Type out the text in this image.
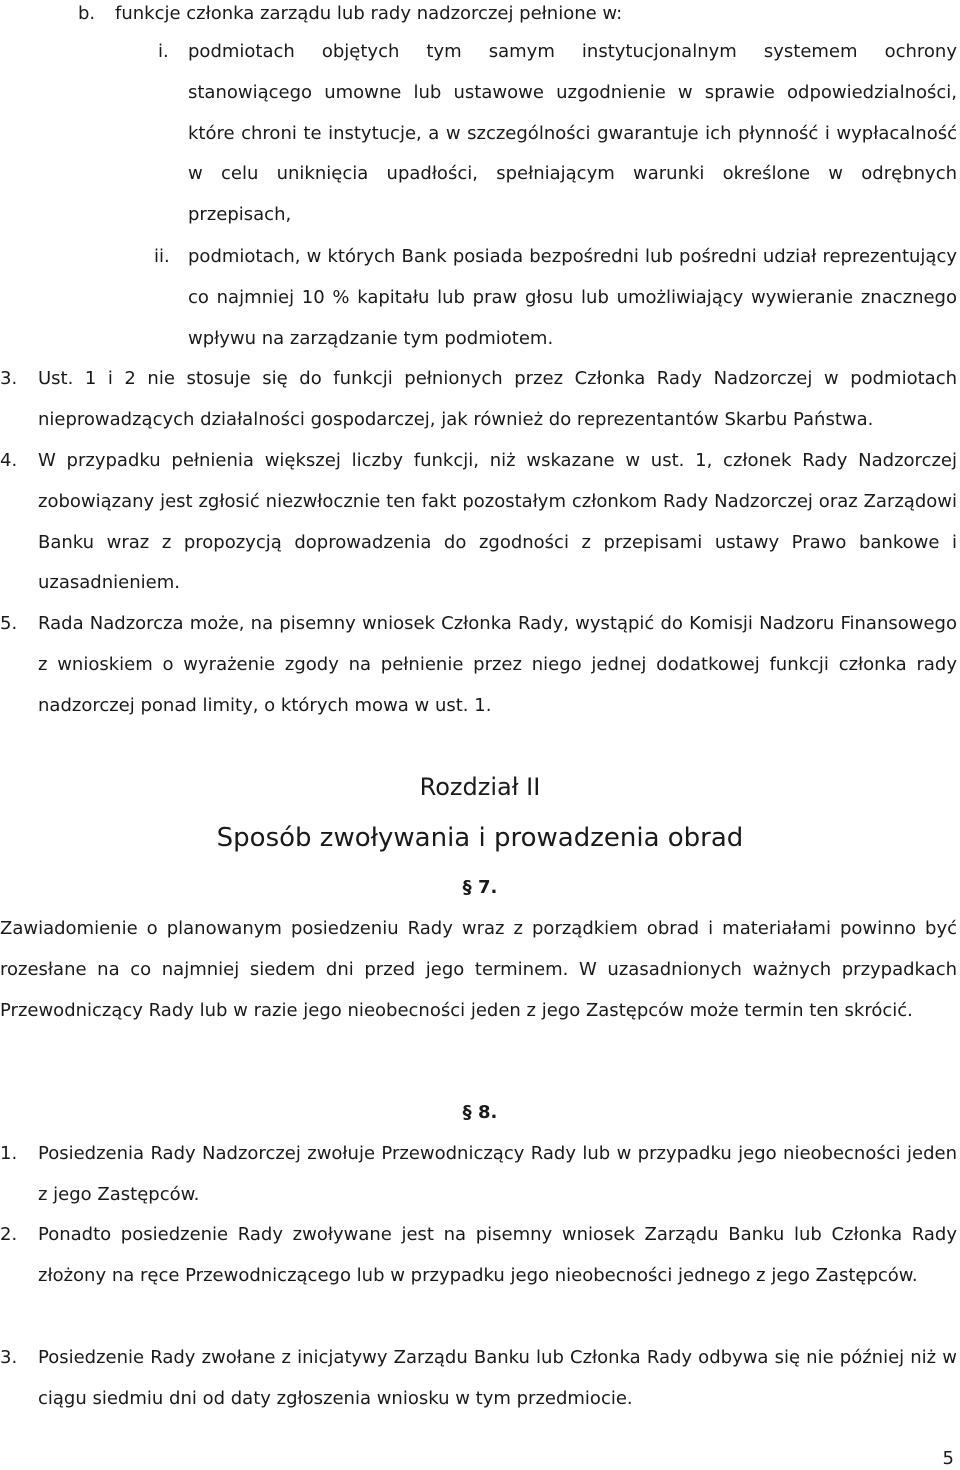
b.	funkcje członka zarządu lub rady nadzorczej pełnione w:
i.	podmiotach objętych tym samym instytucjonalnym systemem ochrony stanowiącego umowne lub ustawowe uzgodnienie w sprawie odpowiedzialności, które chroni te instytucje, a w szczególności gwarantuje ich płynność i wypłacalność w celu uniknięcia upadłości, spełniającym warunki określone w odrębnych przepisach,
ii.	podmiotach, w których Bank posiada bezpośredni lub pośredni udział reprezentujący co najmniej 10 % kapitału lub praw głosu lub umożliwiający wywieranie znacznego wpływu na zarządzanie tym podmiotem.
3.	Ust. 1 i 2 nie stosuje się do funkcji pełnionych przez Członka Rady Nadzorczej w podmiotach nieprowadzących działalności gospodarczej, jak również do reprezentantów Skarbu Państwa.
4.	W przypadku pełnienia większej liczby funkcji, niż wskazane w ust. 1, członek Rady Nadzorczej zobowiązany jest zgłosić niezwłocznie ten fakt pozostałym członkom Rady Nadzorczej oraz Zarządowi Banku wraz z propozycją doprowadzenia do zgodności z przepisami ustawy Prawo bankowe i uzasadnieniem.
5.	Rada Nadzorcza może, na pisemny wniosek Członka Rady, wystąpić do Komisji Nadzoru Finansowego z wnioskiem o wyrażenie zgody na pełnienie przez niego jednej dodatkowej funkcji członka rady nadzorczej ponad limity, o których mowa w ust. 1.
Rozdział II
Sposób zwoływania i prowadzenia obrad
§ 7.
Zawiadomienie o planowanym posiedzeniu Rady wraz z porządkiem obrad i materiałami powinno być rozesłane na co najmniej siedem dni przed jego terminem. W uzasadnionych ważnych przypadkach Przewodniczący Rady lub w razie jego nieobecności jeden z jego Zastępców może termin ten skrócić.
§ 8.
1.	Posiedzenia Rady Nadzorczej zwołuje Przewodniczący Rady lub w przypadku jego nieobecności jeden z jego Zastępców.
2.	Ponadto posiedzenie Rady zwoływane jest na pisemny wniosek Zarządu Banku lub Członka Rady złożony na ręce Przewodniczącego lub w przypadku jego nieobecności jednego z jego Zastępców.
3.	Posiedzenie Rady zwołane z inicjatywy Zarządu Banku lub Członka Rady odbywa się nie później niż w ciągu siedmiu dni od daty zgłoszenia wniosku w tym przedmiocie.
5
